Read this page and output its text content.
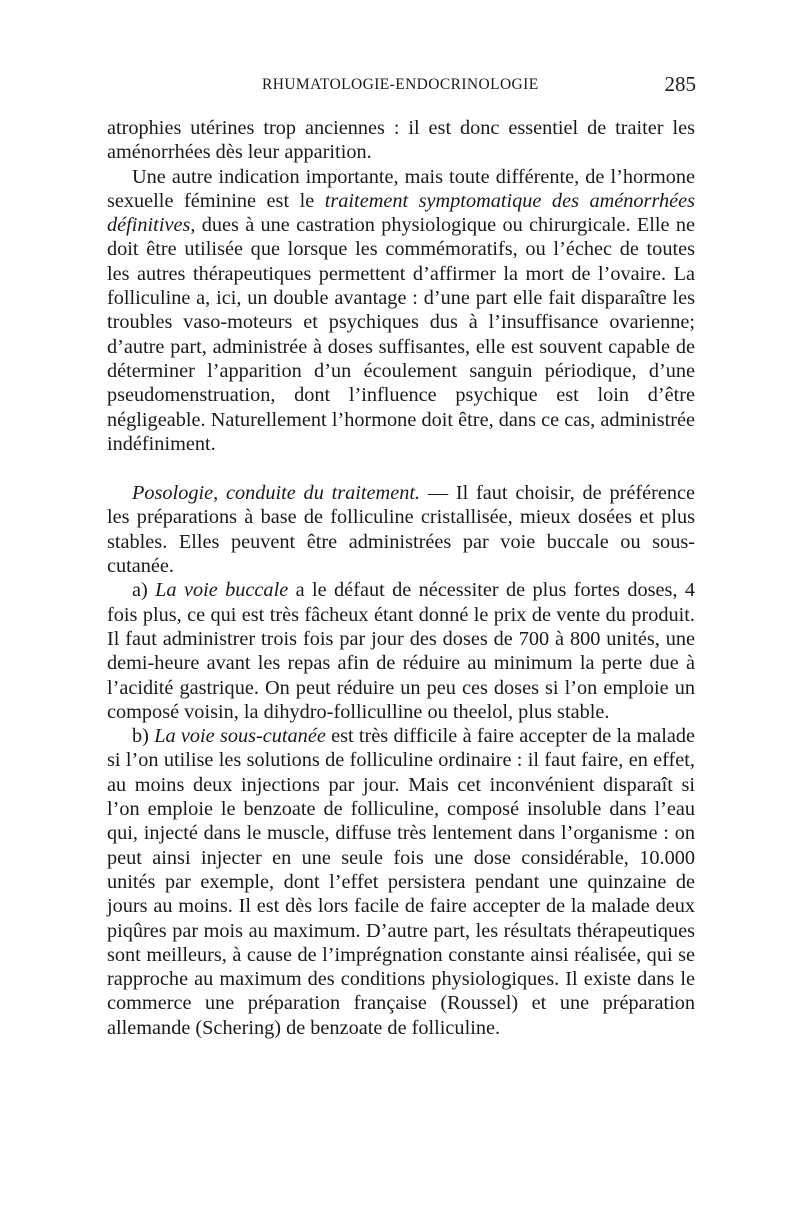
RHUMATOLOGIE-ENDOCRINOLOGIE	285

atrophies utérines trop anciennes : il est donc essentiel de traiter les aménorrhées dès leur apparition.

Une autre indication importante, mais toute différente, de l’hormone sexuelle féminine est le traitement symptomatique des aménorrhées définitives, dues à une castration physiologique ou chirurgicale. Elle ne doit être utilisée que lorsque les commémoratifs, ou l’échec de toutes les autres thérapeutiques permettent d’affirmer la mort de l’ovaire. La folliculine a, ici, un double avantage : d’une part elle fait disparaître les troubles vaso-moteurs et psychiques dus à l’insuffisance ovarienne; d’autre part, administrée à doses suffisantes, elle est souvent capable de déterminer l’apparition d’un écoulement sanguin périodique, d’une pseudomenstruation, dont l’influence psychique est loin d’être négligeable. Naturellement l’hormone doit être, dans ce cas, administrée indéfiniment.

Posologie, conduite du traitement. — Il faut choisir, de préférence les préparations à base de folliculine cristallisée, mieux dosées et plus stables. Elles peuvent être administrées par voie buccale ou sous-cutanée.

a) La voie buccale a le défaut de nécessiter de plus fortes doses, 4 fois plus, ce qui est très fâcheux étant donné le prix de vente du produit. Il faut administrer trois fois par jour des doses de 700 à 800 unités, une demi-heure avant les repas afin de réduire au minimum la perte due à l’acidité gastrique. On peut réduire un peu ces doses si l’on emploie un composé voisin, la dihydro-folliculline ou theelol, plus stable.

b) La voie sous-cutanée est très difficile à faire accepter de la malade si l’on utilise les solutions de folliculine ordinaire : il faut faire, en effet, au moins deux injections par jour. Mais cet inconvénient disparaît si l’on emploie le benzoate de folliculine, composé insoluble dans l’eau qui, injecté dans le muscle, diffuse très lentement dans l’organisme : on peut ainsi injecter en une seule fois une dose considérable, 10.000 unités par exemple, dont l’effet persistera pendant une quinzaine de jours au moins. Il est dès lors facile de faire accepter de la malade deux piqûres par mois au maximum. D’autre part, les résultats thérapeutiques sont meilleurs, à cause de l’imprégnation constante ainsi réalisée, qui se rapproche au maximum des conditions physiologiques. Il existe dans le commerce une préparation française (Roussel) et une préparation allemande (Schering) de benzoate de folliculine.
